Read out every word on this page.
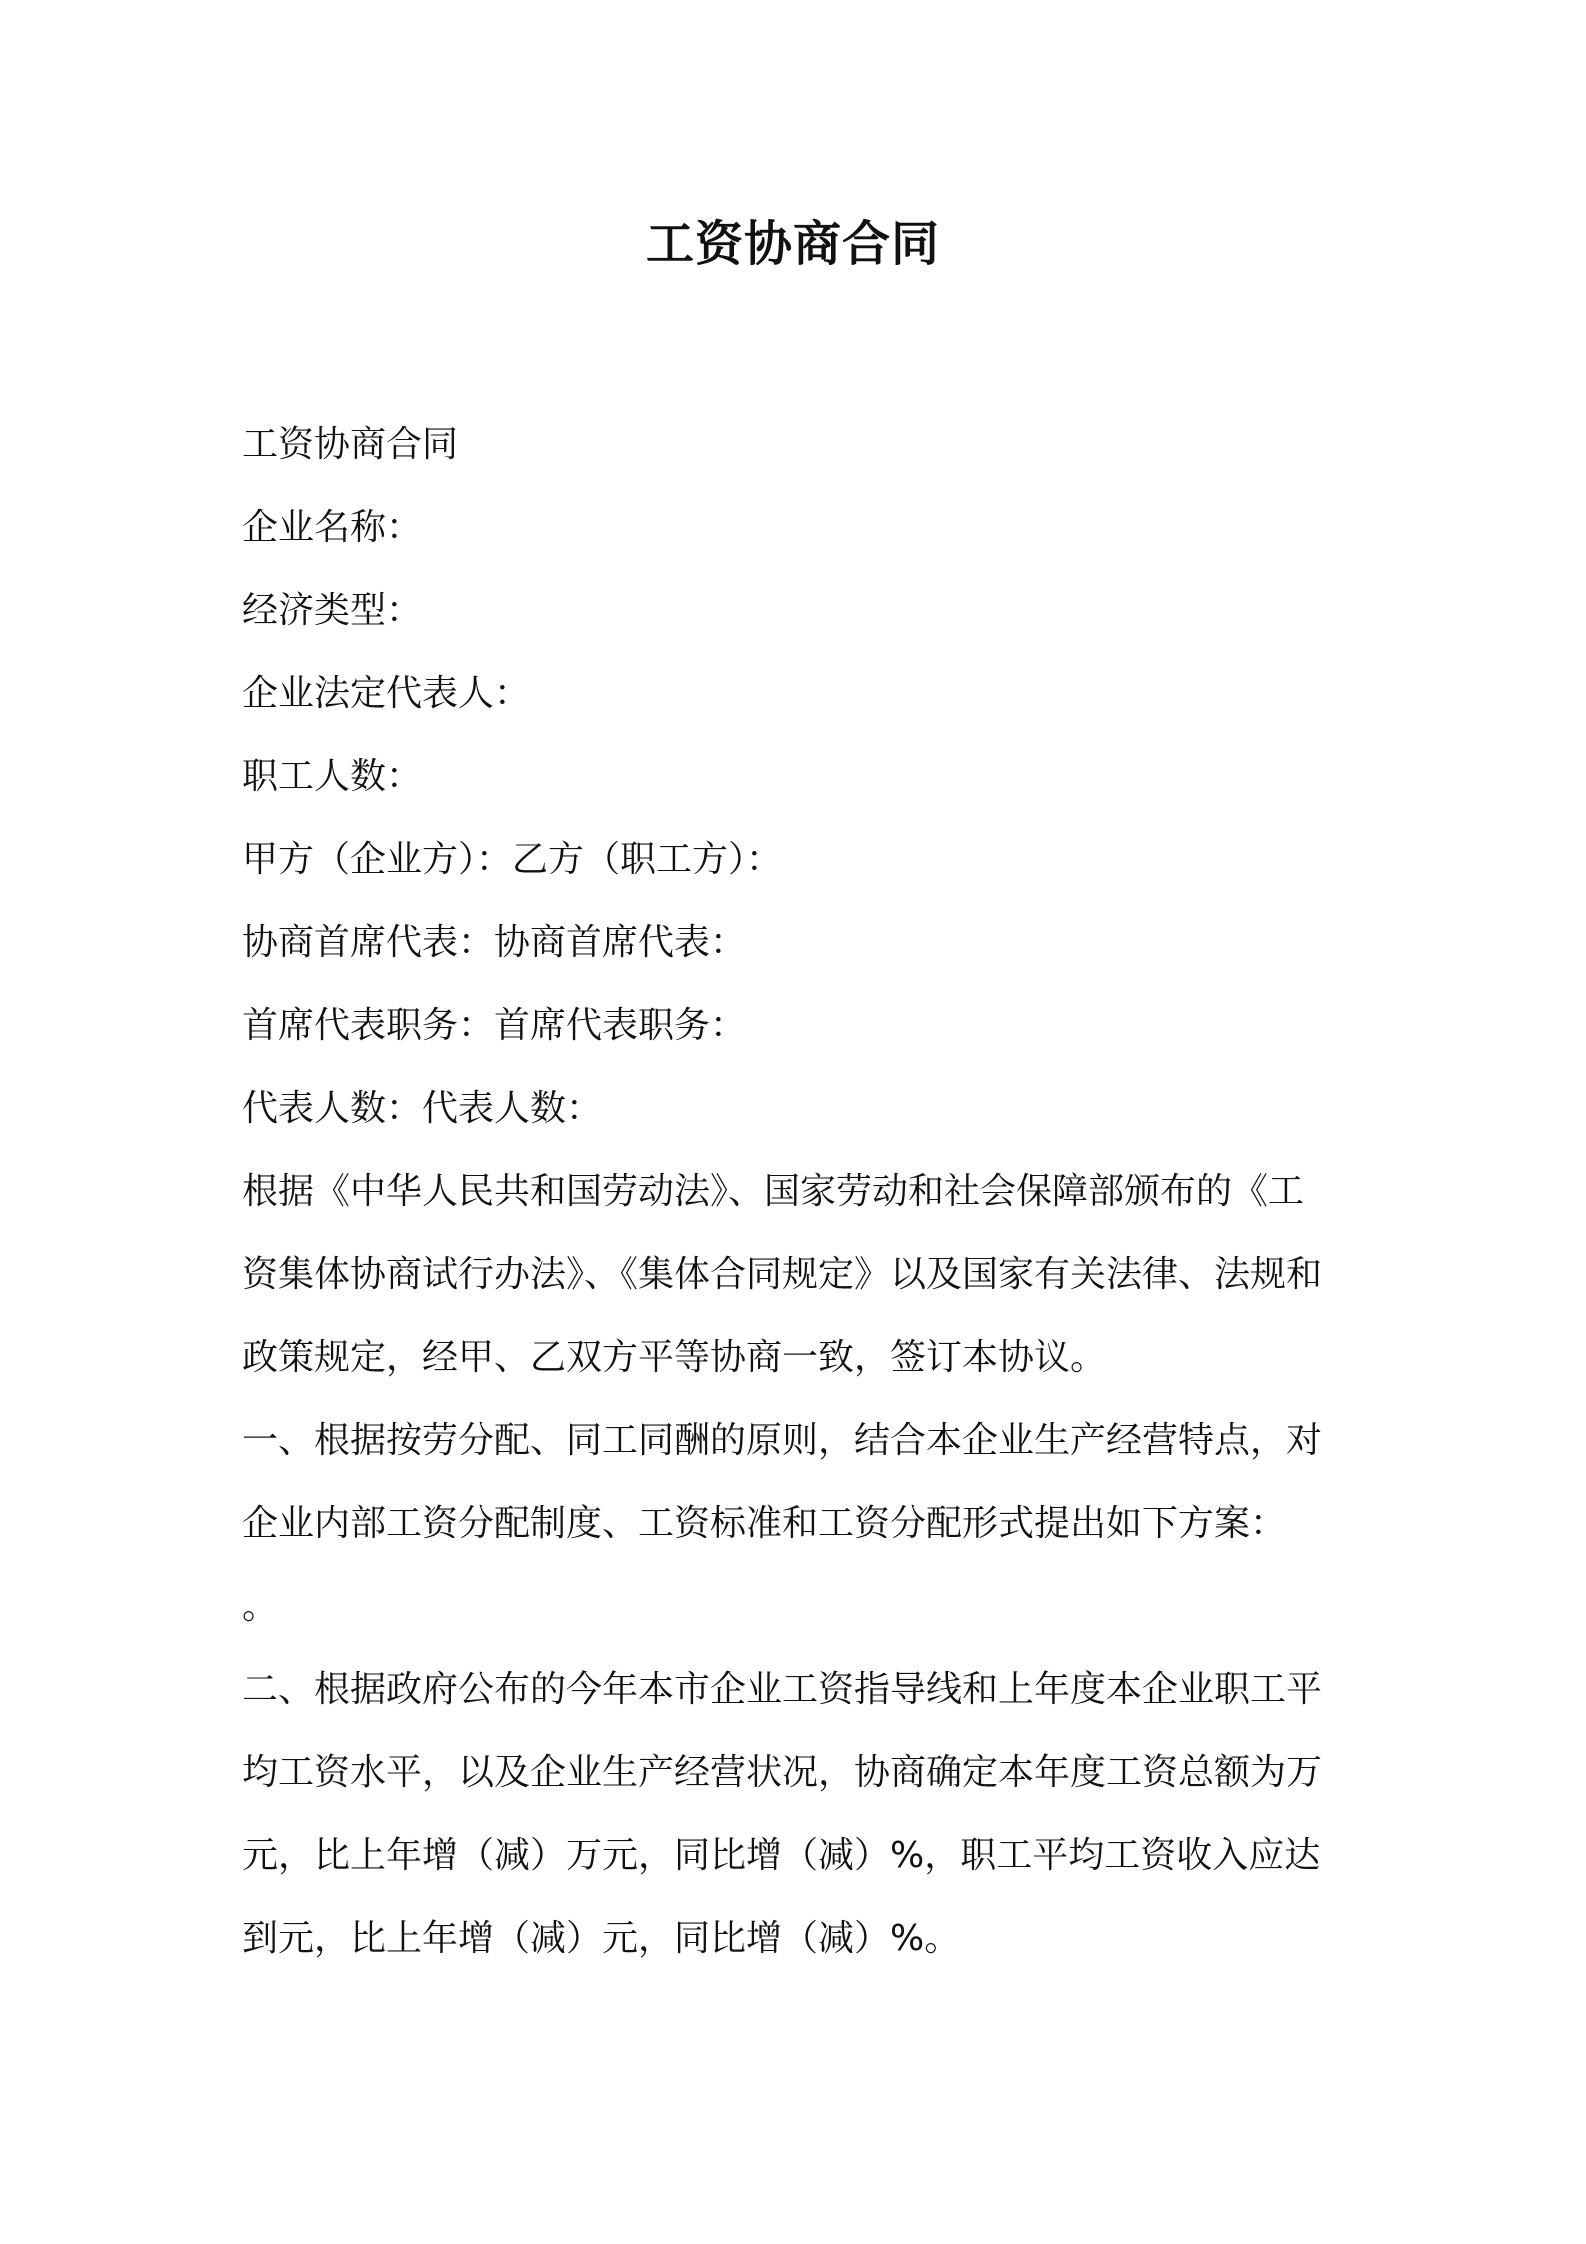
工资协商合同
工资协商合同
企业名称：
经济类型：
企业法定代表人：
职工人数：
甲方（企业方）：乙方（职工方）：
协商首席代表：协商首席代表：
首席代表职务：首席代表职务：
代表人数：代表人数：
根据《中华人民共和国劳动法》、国家劳动和社会保障部颁布的《工
资集体协商试行办法》、《集体合同规定》以及国家有关法律、法规和
政策规定，经甲、乙双方平等协商一致，签订本协议。
一、根据按劳分配、同工同酬的原则，结合本企业生产经营特点，对
企业内部工资分配制度、工资标准和工资分配形式提出如下方案：
。
二、根据政府公布的今年本市企业工资指导线和上年度本企业职工平
均工资水平，以及企业生产经营状况，协商确定本年度工资总额为万
元，比上年增（减）万元，同比增（减）%，职工平均工资收入应达
到元，比上年增（减）元，同比增（减）%。
